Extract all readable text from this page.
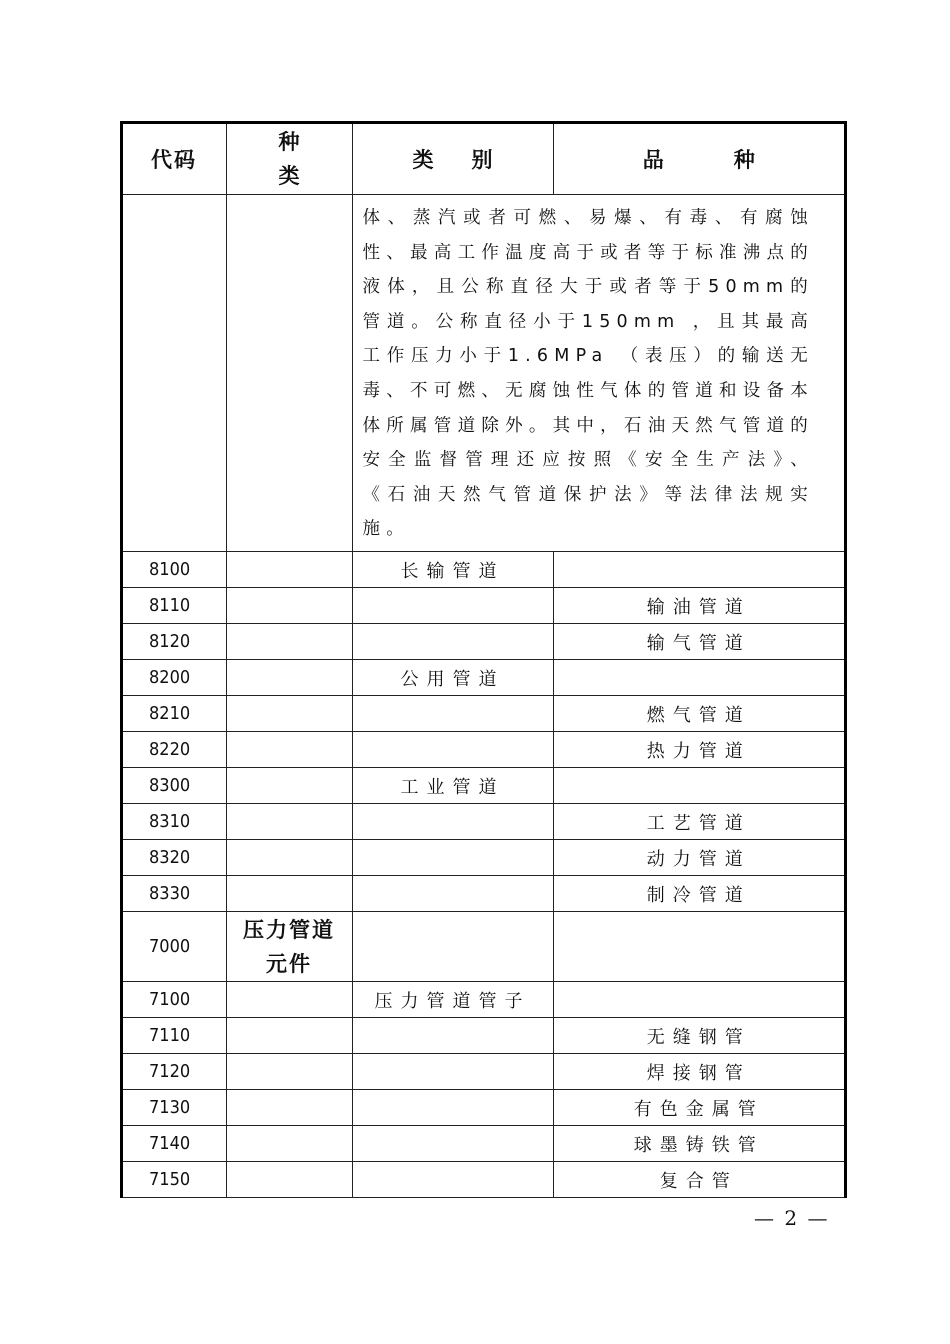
代码	种类	类别	品种
		体、蒸汽或者可燃、易爆、有毒、有腐蚀性、最高工作温度高于或者等于标准沸点的液体，且公称直径大于或者等于50mm的管道。公称直径小于150mm ，且其最高工作压力小于1.6MPa （表压）的输送无毒、不可燃、无腐蚀性气体的管道和设备本体所属管道除外。其中，石油天然气管道的安全监督管理还应按照《安全生产法》、《石油天然气管道保护法》等法律法规实施。	
8100		长输管道	
8110			输油管道
8120			输气管道
8200		公用管道	
8210			燃气管道
8220			热力管道
8300		工业管道	
8310			工艺管道
8320			动力管道
8330			制冷管道
7000	压力管道元件		
7100		压力管道管子	
7110			无缝钢管
7120			焊接钢管
7130			有色金属管
7140			球墨铸铁管
7150			复合管
— 2 —
